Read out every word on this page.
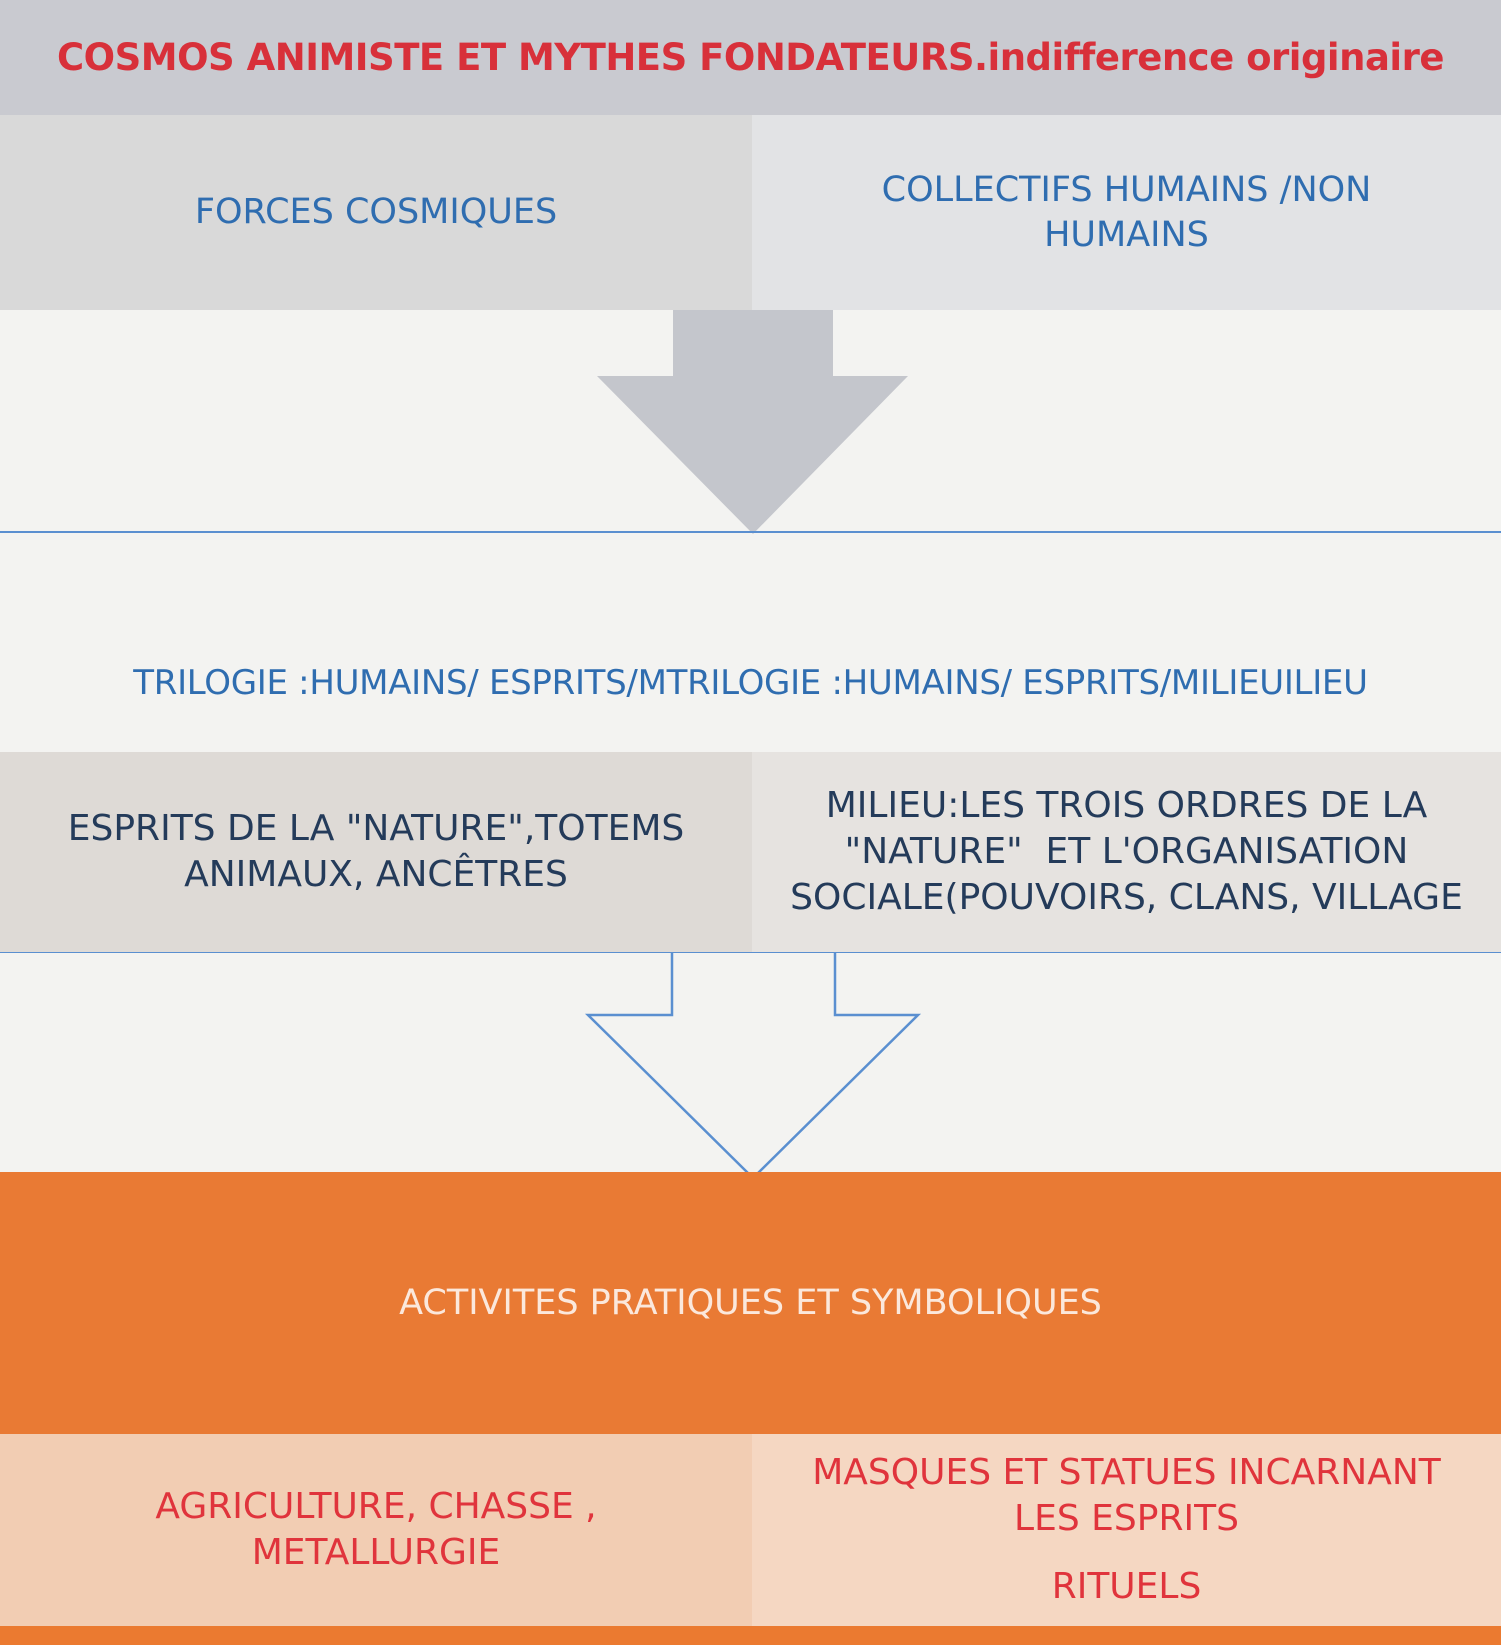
COSMOS ANIMISTE ET MYTHES FONDATEURS.indifference originaire
FORCES COSMIQUES
COLLECTIFS HUMAINS /NON
HUMAINS
TRILOGIE :HUMAINS/ ESPRITS/MTRILOGIE :HUMAINS/ ESPRITS/MILIEUILIEU
ESPRITS DE LA "NATURE",TOTEMS
ANIMAUX, ANCÊTRES
MILIEU:LES TROIS ORDRES DE LA
"NATURE"  ET L'ORGANISATION
SOCIALE(POUVOIRS, CLANS, VILLAGE
ACTIVITES PRATIQUES ET SYMBOLIQUES
AGRICULTURE, CHASSE ,
METALLURGIE
MASQUES ET STATUES INCARNANT
LES ESPRITS
RITUELS
